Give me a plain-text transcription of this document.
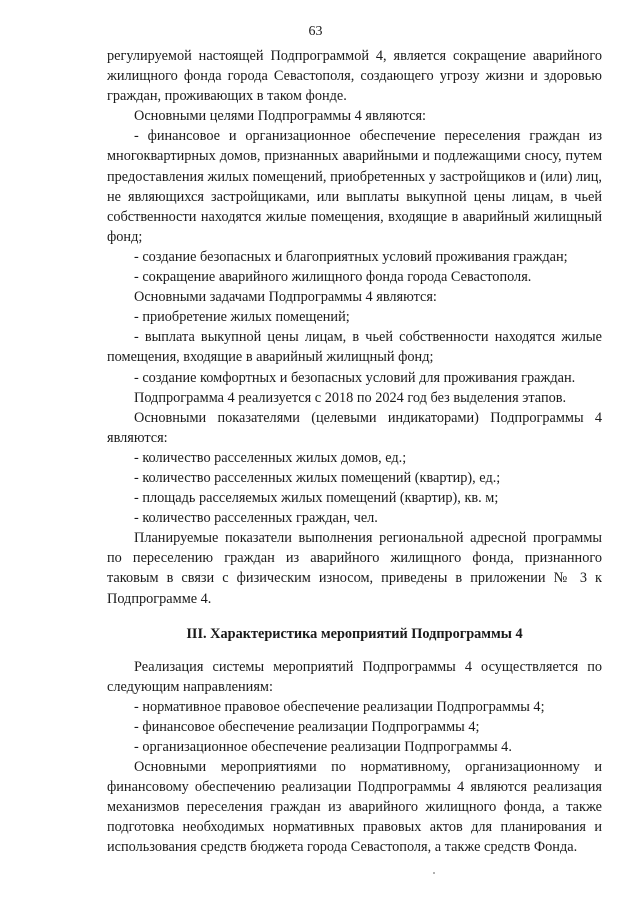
63

регулируемой настоящей Подпрограммой 4, является сокращение аварийного жилищного фонда города Севастополя, создающего угрозу жизни и здоровью граждан, проживающих в таком фонде.

Основными целями Подпрограммы 4 являются:

- финансовое и организационное обеспечение переселения граждан из многоквартирных домов, признанных аварийными и подлежащими сносу, путем предоставления жилых помещений, приобретенных у застройщиков и (или) лиц, не являющихся застройщиками, или выплаты выкупной цены лицам, в чьей собственности находятся жилые помещения, входящие в аварийный жилищный фонд;

- создание безопасных и благоприятных условий проживания граждан;

- сокращение аварийного жилищного фонда города Севастополя.

Основными задачами Подпрограммы 4 являются:

- приобретение жилых помещений;

- выплата выкупной цены лицам, в чьей собственности находятся жилые помещения, входящие в аварийный жилищный фонд;

- создание комфортных и безопасных условий для проживания граждан.

Подпрограмма 4 реализуется с 2018 по 2024 год без выделения этапов.

Основными показателями (целевыми индикаторами) Подпрограммы 4 являются:

- количество расселенных жилых домов, ед.;

- количество расселенных жилых помещений (квартир), ед.;

- площадь расселяемых жилых помещений (квартир), кв. м;

- количество расселенных граждан, чел.

Планируемые показатели выполнения региональной адресной программы по переселению граждан из аварийного жилищного фонда, признанного таковым в связи с физическим износом, приведены в приложении № 3 к Подпрограмме 4.

III. Характеристика мероприятий Подпрограммы 4

Реализация системы мероприятий Подпрограммы 4 осуществляется по следующим направлениям:

- нормативное правовое обеспечение реализации Подпрограммы 4;

- финансовое обеспечение реализации Подпрограммы 4;

- организационное обеспечение реализации Подпрограммы 4.

Основными мероприятиями по нормативному, организационному и финансовому обеспечению реализации Подпрограммы 4 являются реализация механизмов переселения граждан из аварийного жилищного фонда, а также подготовка необходимых нормативных правовых актов для планирования и использования средств бюджета города Севастополя, а также средств Фонда.
